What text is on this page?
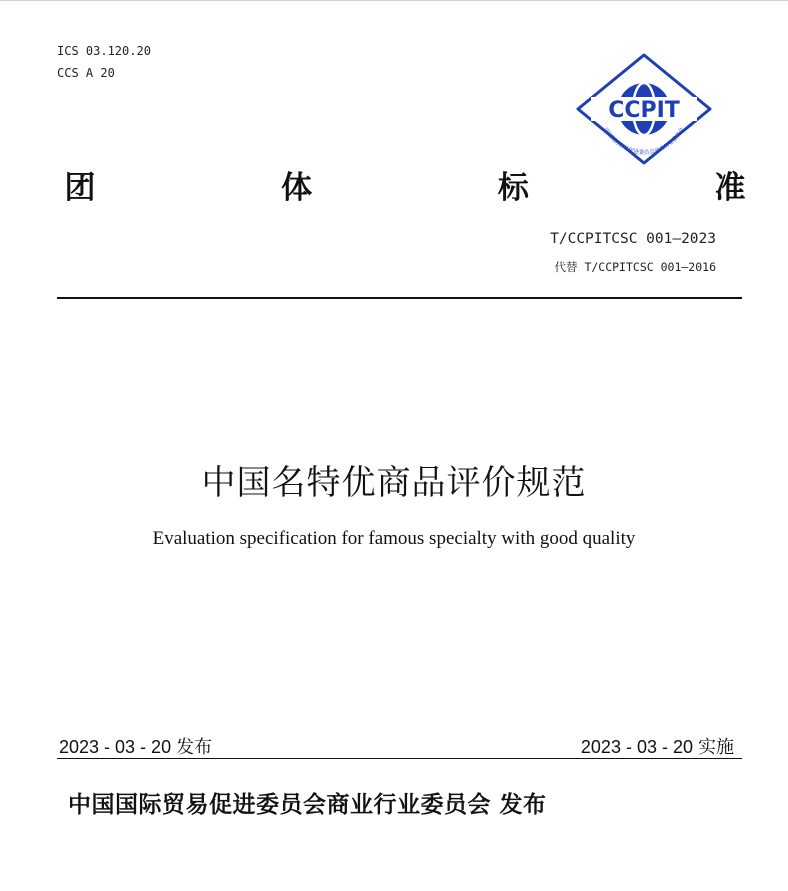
ICS 03.120.20
CCS A 20
CCPIT
中国国际贸易促进委员会商业行业委员会
团	体	标	准
T/CCPITCSC 001—2023
代替 T/CCPITCSC 001—2016
中国名特优商品评价规范
Evaluation specification for famous specialty with good quality
2023 - 03 - 20 发布	2023 - 03 - 20 实施
中国国际贸易促进委员会商业行业委员会 发布
